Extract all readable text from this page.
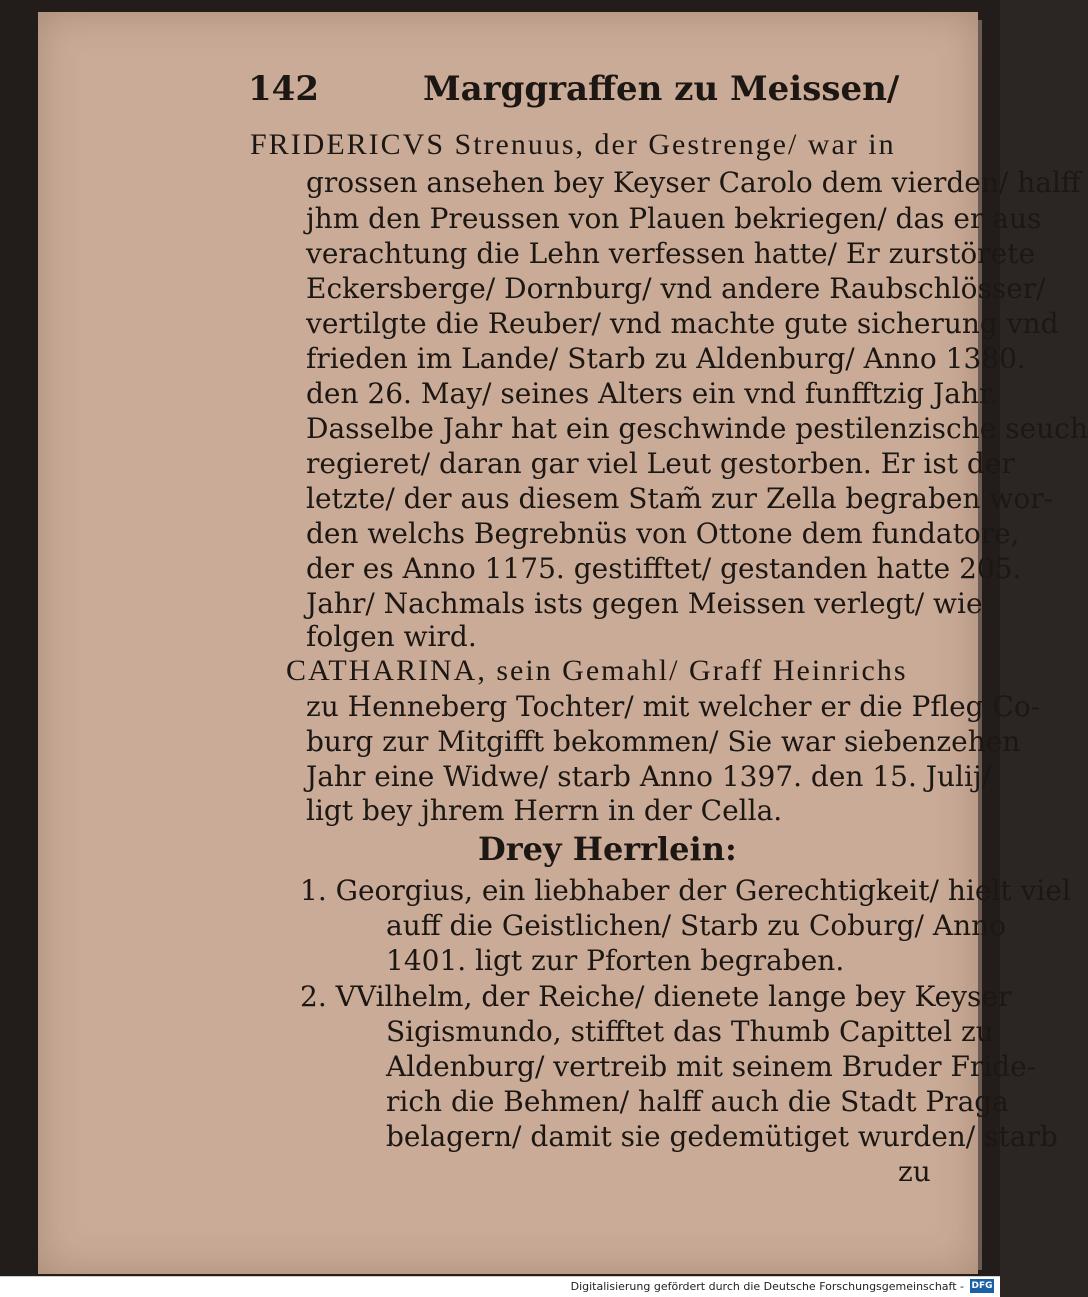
142	Marggraffen zu Meissen/
FRIDERICVS Strenuus, der Gestrenge/ war in
grossen ansehen bey Keyser Carolo dem vierden/ halff
jhm den Preussen von Plauen bekriegen/ das er aus
verachtung die Lehn verfessen hatte/ Er zurstörete
Eckersberge/ Dornburg/ vnd andere Raubschlösser/
vertilgte die Reuber/ vnd machte gute sicherung vnd
frieden im Lande/ Starb zu Aldenburg/ Anno 1380.
den 26. May/ seines Alters ein vnd funfftzig Jahr.
Dasselbe Jahr hat ein geschwinde pestilenzische seuch
regieret/ daran gar viel Leut gestorben. Er ist der
letzte/ der aus diesem Stam̃ zur Zella begraben wor-
den welchs Begrebnüs von Ottone dem fundatore,
der es Anno 1175. gestifftet/ gestanden hatte 205.
Jahr/ Nachmals ists gegen Meissen verlegt/ wie
folgen wird.
CATHARINA, sein Gemahl/ Graff Heinrichs
zu Henneberg Tochter/ mit welcher er die Pfleg Co-
burg zur Mitgifft bekommen/ Sie war siebenzehen
Jahr eine Widwe/ starb Anno 1397. den 15. Julij/
ligt bey jhrem Herrn in der Cella.
Drey Herrlein:
1. Georgius, ein liebhaber der Gerechtigkeit/ hielt viel
auff die Geistlichen/ Starb zu Coburg/ Anno
1401. ligt zur Pforten begraben.
2. VVilhelm, der Reiche/ dienete lange bey Keyser
Sigismundo, stifftet das Thumb Capittel zu
Aldenburg/ vertreib mit seinem Bruder Fride-
rich die Behmen/ halff auch die Stadt Praga
belagern/ damit sie gedemütiget wurden/ starb
zu
Digitalisierung gefördert durch die Deutsche Forschungsgemeinschaft - DFG
